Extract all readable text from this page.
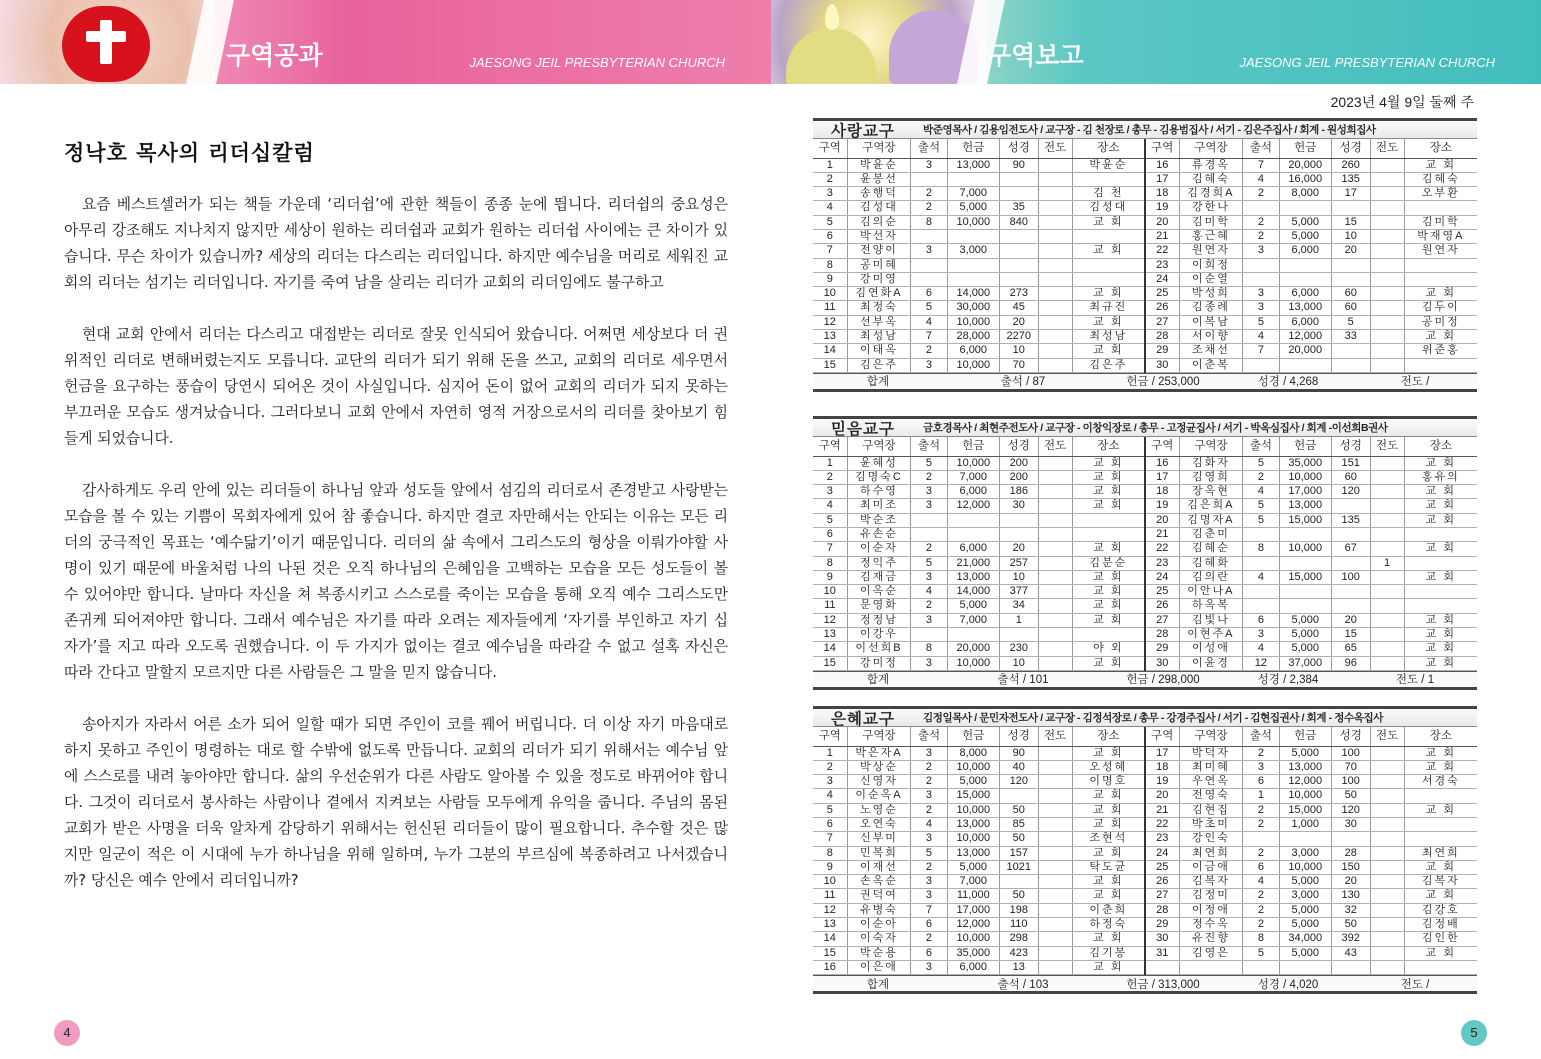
구역공과	JAESONG JEIL PRESBYTERIAN CHURCH	구역보고	JAESONG JEIL PRESBYTERIAN CHURCH
정낙호 목사의 리더십칼럼

요즘 베스트셀러가 되는 책들 가운데 ‘리더쉽’에 관한 책들이 종종 눈에 띕니다. 리더쉽의 중요성은 아무리 강조해도 지나치지 않지만 세상이 원하는 리더쉽과 교회가 원하는 리더쉽 사이에는 큰 차이가 있습니다. 무슨 차이가 있습니까? 세상의 리더는 다스리는 리더입니다. 하지만 예수님을 머리로 세워진 교회의 리더는 섬기는 리더입니다. 자기를 죽여 남을 살리는 리더가 교회의 리더임에도 불구하고

현대 교회 안에서 리더는 다스리고 대접받는 리더로 잘못 인식되어 왔습니다. 어쩌면 세상보다 더 권위적인 리더로 변해버렸는지도 모릅니다. 교단의 리더가 되기 위해 돈을 쓰고, 교회의 리더로 세우면서 헌금을 요구하는 풍습이 당연시 되어온 것이 사실입니다. 심지어 돈이 없어 교회의 리더가 되지 못하는 부끄러운 모습도 생겨났습니다. 그러다보니 교회 안에서 자연히 영적 거장으로서의 리더를 찾아보기 힘들게 되었습니다.

감사하게도 우리 안에 있는 리더들이 하나님 앞과 성도들 앞에서 섬김의 리더로서 존경받고 사랑받는 모습을 볼 수 있는 기쁨이 목회자에게 있어 참 좋습니다. 하지만 결코 자만해서는 안되는 이유는 모든 리더의 궁극적인 목표는 ‘예수닮기’이기 때문입니다. 리더의 삶 속에서 그리스도의 형상을 이뤄가야할 사명이 있기 때문에 바울처럼 나의 나된 것은 오직 하나님의 은혜임을 고백하는 모습을 모든 성도들이 볼 수 있어야만 합니다. 날마다 자신을 쳐 복종시키고 스스로를 죽이는 모습을 통해 오직 예수 그리스도만 존귀케 되어져야만 합니다. 그래서 예수님은 자기를 따라 오려는 제자들에게 ‘자기를 부인하고 자기 십자가’를 지고 따라 오도록 권했습니다. 이 두 가지가 없이는 결코 예수님을 따라갈 수 없고 설혹 자신은 따라 간다고 말할지 모르지만 다른 사람들은 그 말을 믿지 않습니다.

송아지가 자라서 어른 소가 되어 일할 때가 되면 주인이 코를 꿰어 버립니다. 더 이상 자기 마음대로 하지 못하고 주인이 명령하는 대로 할 수밖에 없도록 만듭니다. 교회의 리더가 되기 위해서는 예수님 앞에 스스로를 내려 놓아야만 합니다. 삶의 우선순위가 다른 사람도 알아볼 수 있을 정도로 바뀌어야 합니다. 그것이 리더로서 봉사하는 사람이나 곁에서 지켜보는 사람들 모두에게 유익을 줍니다. 주님의 몸된 교회가 받은 사명을 더욱 알차게 감당하기 위해서는 헌신된 리더들이 많이 필요합니다. 추수할 것은 많지만 일군이 적은 이 시대에 누가 하나님을 위해 일하며, 누가 그분의 부르심에 복종하려고 나서겠습니까? 당신은 예수 안에서 리더입니까?

2023년 4월 9일 둘째 주
사랑교구	박준영목사 / 김용임전도사 / 교구장 - 김 천장로 / 총무 - 김용범집사 / 서기 - 김은주집사 / 회계 - 원성희집사
구역	구역장	출석	헌금	성경	전도	장소	구역	구역장	출석	헌금	성경	전도	장소
1	박윤순	3	13,000	90		박윤순	16	류경옥	7	20,000	260		교 회
2	윤봉선						17	김혜숙	4	16,000	135		김혜숙
3	송행덕	2	7,000			김 천	18	김경희A	2	8,000	17		오부환
4	김성대	2	5,000	35		김성대	19	강한나					
5	김의순	8	10,000	840		교 회	20	김미학	2	5,000	15		김미학
6	박선자						21	홍근혜	2	5,000	10		박재영A
7	전양이	3	3,000			교 회	22	원연자	3	6,000	20		원연자
8	공미혜						23	이희정					
9	강미영						24	이순열					
10	김연화A	6	14,000	273		교 회	25	박성희	3	6,000	60		교 회
11	최정숙	5	30,000	45		최규진	26	김종례	3	13,000	60		김두이
12	선부옥	4	10,000	20		교 회	27	이복남	5	6,000	5		공미정
13	최성남	7	28,000	2270		최성남	28	서이향	4	12,000	33		교 회
14	이태옥	2	6,000	10		교 회	29	조채선	7	20,000			위준홍
15	김은주	3	10,000	70		김은주	30	이춘복					
합계	출석 / 87	헌금 / 253,000	성경 / 4,268	전도 /
믿음교구	금호경목사 / 최현주전도사 / 교구장 - 이창익장로 / 총무 - 고정균집사 / 서기 - 박옥심집사 / 회계 -이선희B권사
구역	구역장	출석	헌금	성경	전도	장소	구역	구역장	출석	헌금	성경	전도	장소
1	윤혜성	5	10,000	200		교 회	16	김화자	5	35,000	151		교 회
2	김명숙C	2	7,000	200		교 회	17	김영희	2	10,000	60		홍유의
3	하수영	3	6,000	186		교 회	18	장옥현	4	17,000	120		교 회
4	최미조	3	12,000	30		교 회	19	김은희A	5	13,000			교 회
5	박순조						20	김명자A	5	15,000	135		교 회
6	유손순						21	김춘미					
7	이순자	2	6,000	20		교 회	22	김혜순	8	10,000	67		교 회
8	정익주	5	21,000	257		김분순	23	김혜화				1	
9	김재금	3	13,000	10		교 회	24	김의란	4	15,000	100		교 회
10	이옥순	4	14,000	377		교 회	25	이안나A					
11	문영화	2	5,000	34		교 회	26	하옥복					
12	정정남	3	7,000	1		교 회	27	김빛나	6	5,000	20		교 회
13	이강우						28	이현주A	3	5,000	15		교 회
14	이선희B	8	20,000	230		야 외	29	이성애	4	5,000	65		교 회
15	강미정	3	10,000	10		교 회	30	이윤경	12	37,000	96		교 회
합계	출석 / 101	헌금 / 298,000	성경 / 2,384	전도 / 1
은혜교구	김정일목사 / 문민자전도사 / 교구장 - 김정석장로 / 총무 - 강경주집사 / 서기 - 김현집권사 / 회계 - 정수옥집사
구역	구역장	출석	헌금	성경	전도	장소	구역	구역장	출석	헌금	성경	전도	장소
1	박은자A	3	8,000	90		교 회	17	박덕자	2	5,000	100		교 회
2	박상순	2	10,000	40		오성혜	18	최미혜	3	13,000	70		교 회
3	신영자	2	5,000	120		이명호	19	우연옥	6	12,000	100		서경숙
4	이순옥A	3	15,000			교 회	20	전영숙	1	10,000	50		
5	노영순	2	10,000	50		교 회	21	김현집	2	15,000	120		교 회
6	오연숙	4	13,000	85		교 회	22	박초미	2	1,000	30		
7	신부미	3	10,000	50		조현석	23	강인숙					
8	민복희	5	13,000	157		교 회	24	최연희	2	3,000	28		최연희
9	이재선	2	5,000	1021		탁도균	25	이금애	6	10,000	150		교 회
10	손옥순	3	7,000			교 회	26	김복자	4	5,000	20		김복자
11	권덕여	3	11,000	50		교 회	27	김정미	2	3,000	130		교 회
12	유병숙	7	17,000	198		이춘희	28	이정애	2	5,000	32		김강호
13	이순아	6	12,000	110		하정숙	29	정수옥	2	5,000	50		김정배
14	이숙자	2	10,000	298		교 회	30	유진향	8	34,000	392		김인한
15	박순용	6	35,000	423		김기봉	31	김영은	5	5,000	43		교 회
16	이은애	3	6,000	13		교 회							
합계	출석 / 103	헌금 / 313,000	성경 / 4,020	전도 /
4	5
